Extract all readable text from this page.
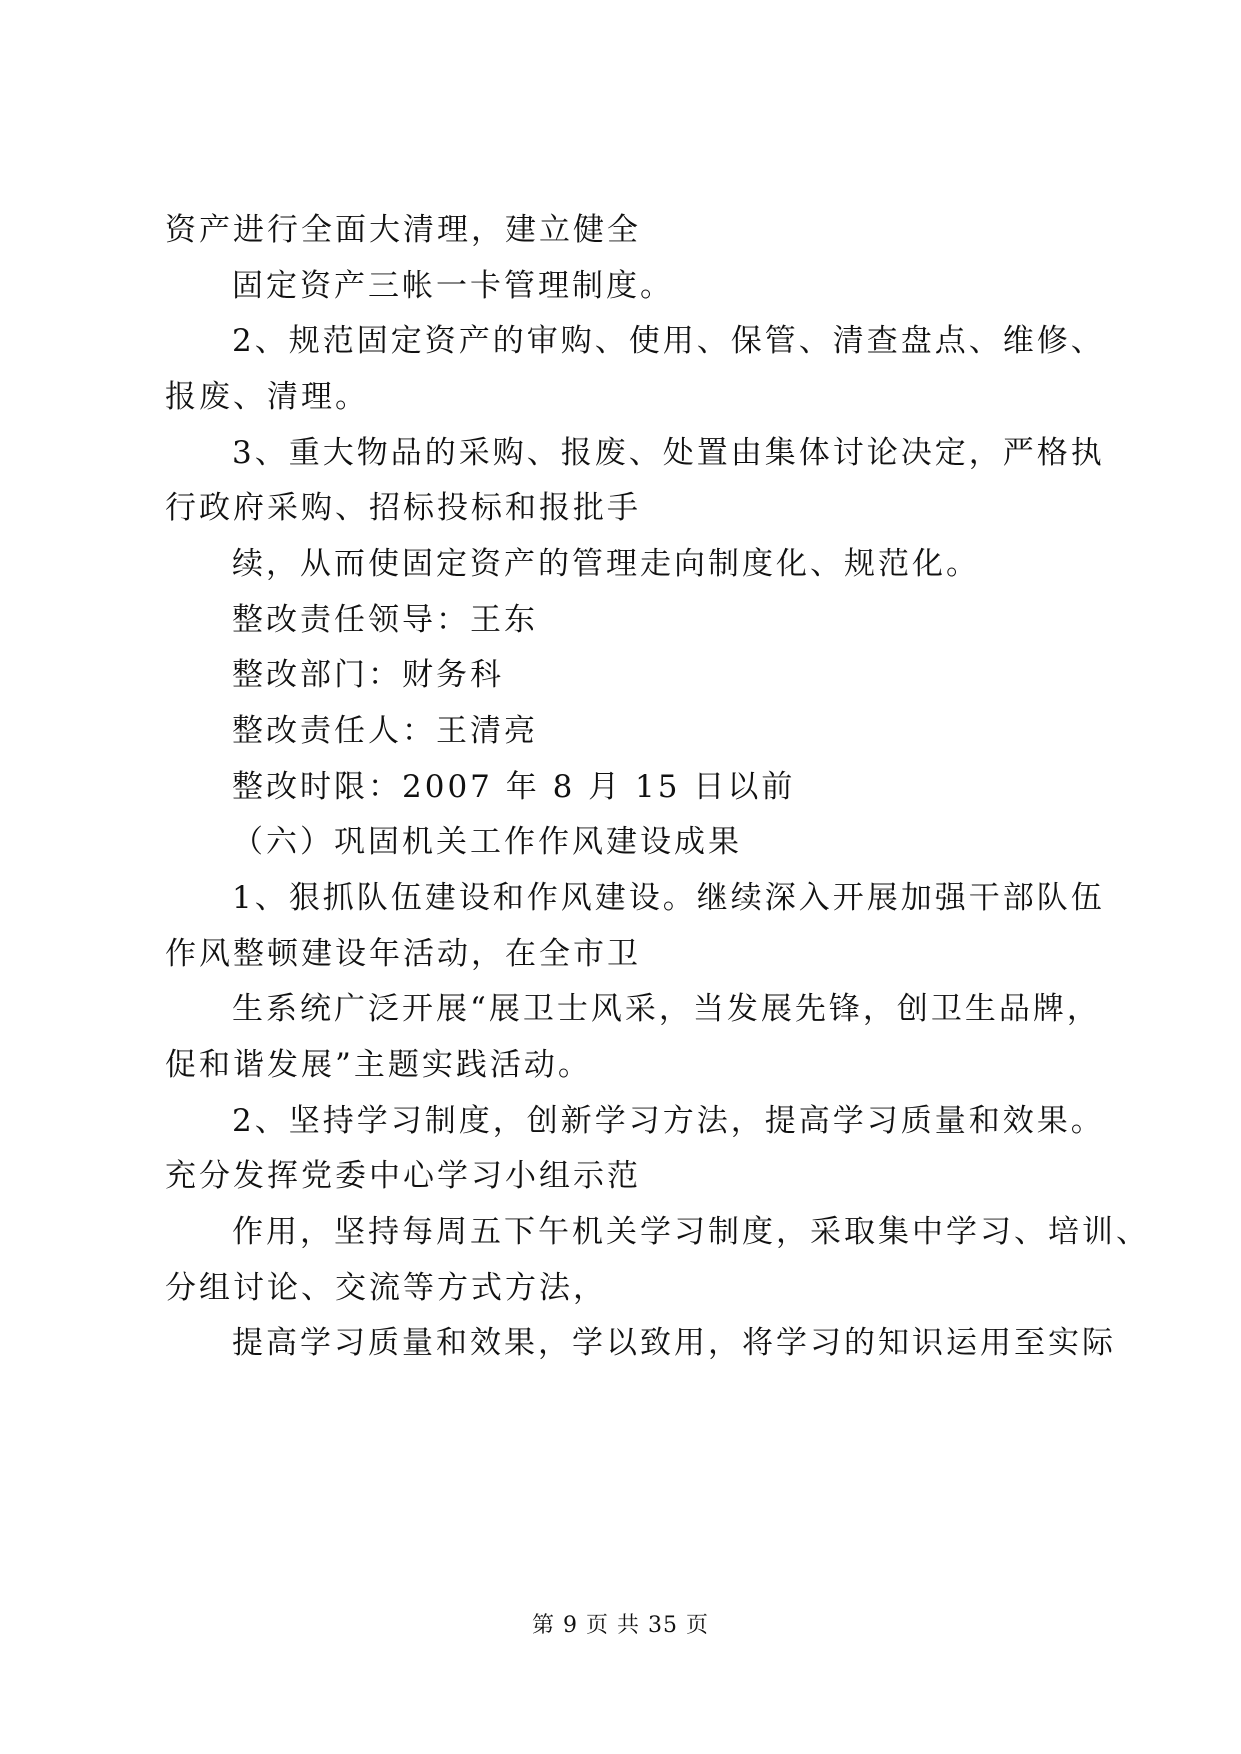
资产进行全面大清理，建立健全
固定资产三帐一卡管理制度。
2、规范固定资产的审购、使用、保管、清查盘点、维修、
报废、清理。
3、重大物品的采购、报废、处置由集体讨论决定，严格执
行政府采购、招标投标和报批手
续，从而使固定资产的管理走向制度化、规范化。
整改责任领导：王东
整改部门：财务科
整改责任人：王清亮
整改时限：2007 年 8 月 15 日以前
（六）巩固机关工作作风建设成果
1、狠抓队伍建设和作风建设。继续深入开展加强干部队伍
作风整顿建设年活动，在全市卫
生系统广泛开展“展卫士风采，当发展先锋，创卫生品牌，
促和谐发展”主题实践活动。
2、坚持学习制度，创新学习方法，提高学习质量和效果。
充分发挥党委中心学习小组示范
作用，坚持每周五下午机关学习制度，采取集中学习、培训、
分组讨论、交流等方式方法，
提高学习质量和效果，学以致用，将学习的知识运用至实际
第 9 页 共 35 页
